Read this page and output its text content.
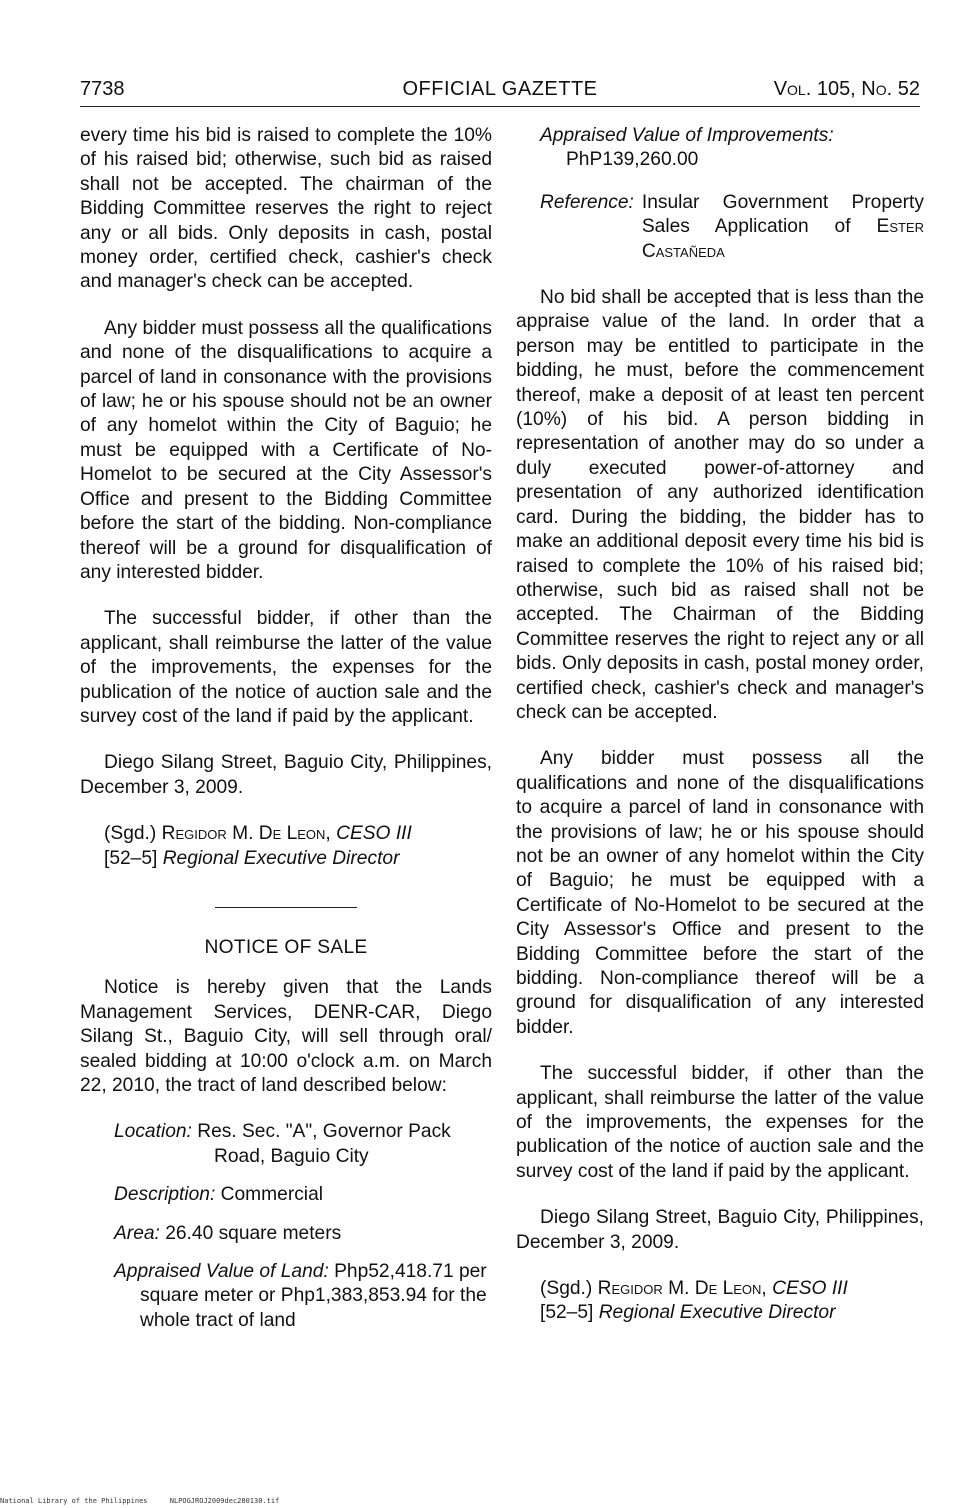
7738	OFFICIAL GAZETTE	Vol. 105, No. 52

every time his bid is raised to complete the 10% of his raised bid; otherwise, such bid as raised shall not be accepted. The chairman of the Bidding Committee reserves the right to reject any or all bids. Only deposits in cash, postal money order, certified check, cashier's check and manager's check can be accepted.

Any bidder must possess all the qualifications and none of the disqualifications to acquire a parcel of land in consonance with the provisions of law; he or his spouse should not be an owner of any homelot within the City of Baguio; he must be equipped with a Certificate of No-Homelot to be secured at the City Assessor's Office and present to the Bidding Committee before the start of the bidding. Non-compliance thereof will be a ground for disqualification of any interested bidder.

The successful bidder, if other than the applicant, shall reimburse the latter of the value of the improvements, the expenses for the publication of the notice of auction sale and the survey cost of the land if paid by the applicant.

Diego Silang Street, Baguio City, Philippines, December 3, 2009.

(Sgd.) Regidor M. De Leon, CESO III
[52–5] Regional Executive Director
NOTICE OF SALE

Notice is hereby given that the Lands Management Services, DENR-CAR, Diego Silang St., Baguio City, will sell through oral/ sealed bidding at 10:00 o'clock a.m. on March 22, 2010, the tract of land described below:

Location: Res. Sec. "A", Governor Pack Road, Baguio City
Description: Commercial
Area: 26.40 square meters
Appraised Value of Land: Php52,418.71 per square meter or Php1,383,853.94 for the whole tract of land
Appraised Value of Improvements:
PhP139,260.00
Reference: Insular Government Property Sales Application of Ester Castañeda

No bid shall be accepted that is less than the appraise value of the land. In order that a person may be entitled to participate in the bidding, he must, before the commencement thereof, make a deposit of at least ten percent (10%) of his bid. A person bidding in representation of another may do so under a duly executed power-of-attorney and presentation of any authorized identification card. During the bidding, the bidder has to make an additional deposit every time his bid is raised to complete the 10% of his raised bid; otherwise, such bid as raised shall not be accepted. The Chairman of the Bidding Committee reserves the right to reject any or all bids. Only deposits in cash, postal money order, certified check, cashier's check and manager's check can be accepted.

Any bidder must possess all the qualifications and none of the disqualifications to acquire a parcel of land in consonance with the provisions of law; he or his spouse should not be an owner of any homelot within the City of Baguio; he must be equipped with a Certificate of No-Homelot to be secured at the City Assessor's Office and present to the Bidding Committee before the start of the bidding. Non-compliance thereof will be a ground for disqualification of any interested bidder.

The successful bidder, if other than the applicant, shall reimburse the latter of the value of the improvements, the expenses for the publication of the notice of auction sale and the survey cost of the land if paid by the applicant.

Diego Silang Street, Baguio City, Philippines, December 3, 2009.

(Sgd.) Regidor M. De Leon, CESO III
[52–5] Regional Executive Director
National Library of the Philippines	NLPOGJROJ2009dec280130.tif
